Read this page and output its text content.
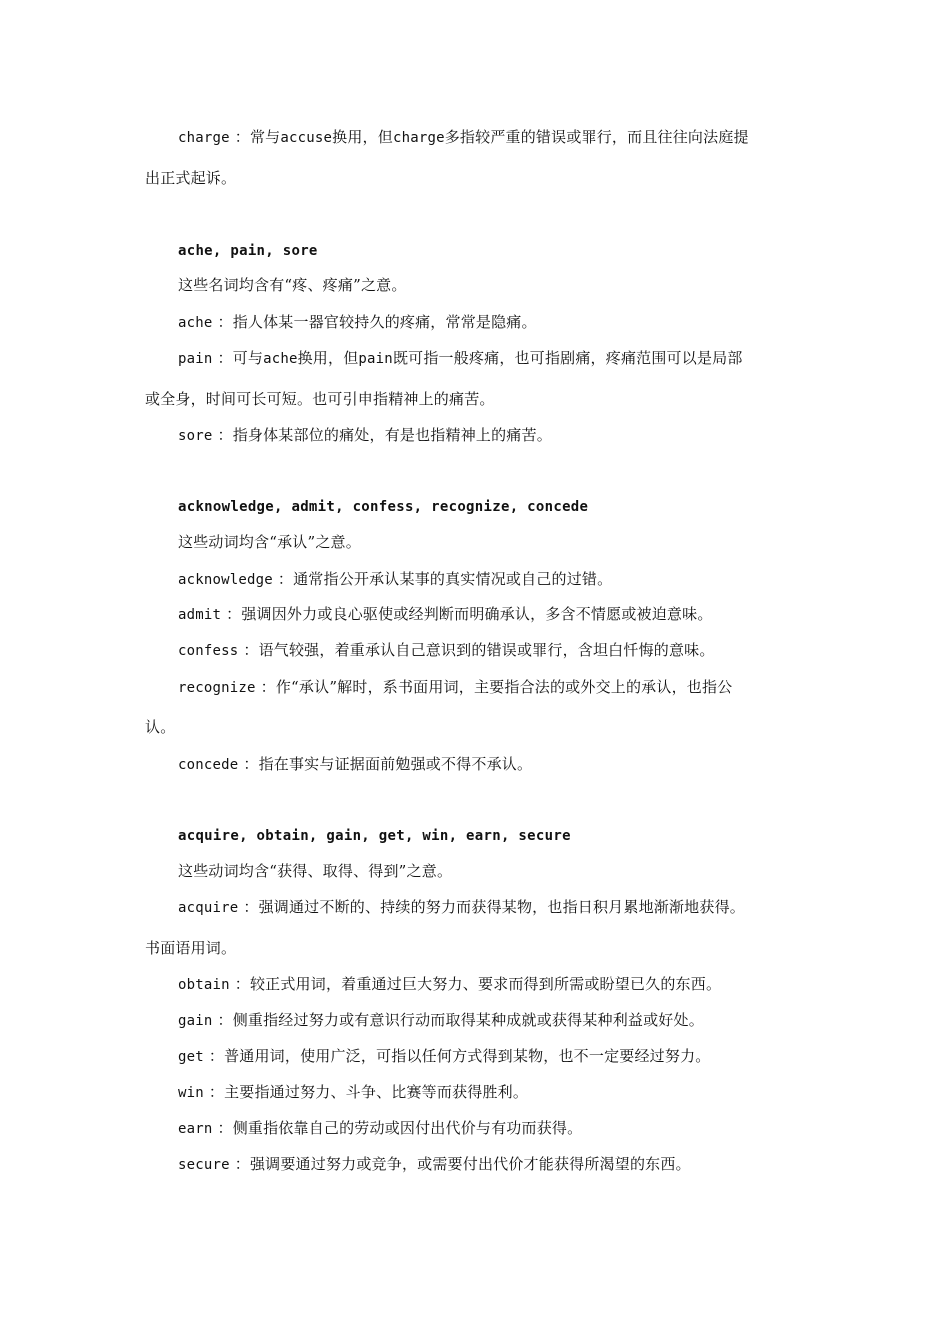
charge ：常与accuse换用，但charge多指较严重的错误或罪行，而且往往向法庭提
出正式起诉。
ache, pain, sore
这些名词均含有“疼、疼痛”之意。
ache ：指人体某一器官较持久的疼痛，常常是隐痛。
pain ：可与ache换用，但pain既可指一般疼痛，也可指剧痛，疼痛范围可以是局部
或全身，时间可长可短。也可引申指精神上的痛苦。
sore ：指身体某部位的痛处，有是也指精神上的痛苦。
acknowledge, admit, confess, recognize, concede
这些动词均含“承认”之意。
acknowledge ：通常指公开承认某事的真实情况或自己的过错。
admit ：强调因外力或良心驱使或经判断而明确承认，多含不情愿或被迫意味。
confess ：语气较强，着重承认自己意识到的错误或罪行，含坦白忏悔的意味。
recognize ：作“承认”解时，系书面用词，主要指合法的或外交上的承认，也指公
认。
concede ：指在事实与证据面前勉强或不得不承认。
acquire, obtain, gain, get, win, earn, secure
这些动词均含“获得、取得、得到”之意。
acquire ：强调通过不断的、持续的努力而获得某物，也指日积月累地渐渐地获得。
书面语用词。
obtain ：较正式用词，着重通过巨大努力、要求而得到所需或盼望已久的东西。
gain ：侧重指经过努力或有意识行动而取得某种成就或获得某种利益或好处。
get ：普通用词，使用广泛，可指以任何方式得到某物，也不一定要经过努力。
win ：主要指通过努力、斗争、比赛等而获得胜利。
earn ：侧重指依靠自己的劳动或因付出代价与有功而获得。
secure ：强调要通过努力或竞争，或需要付出代价才能获得所渴望的东西。
